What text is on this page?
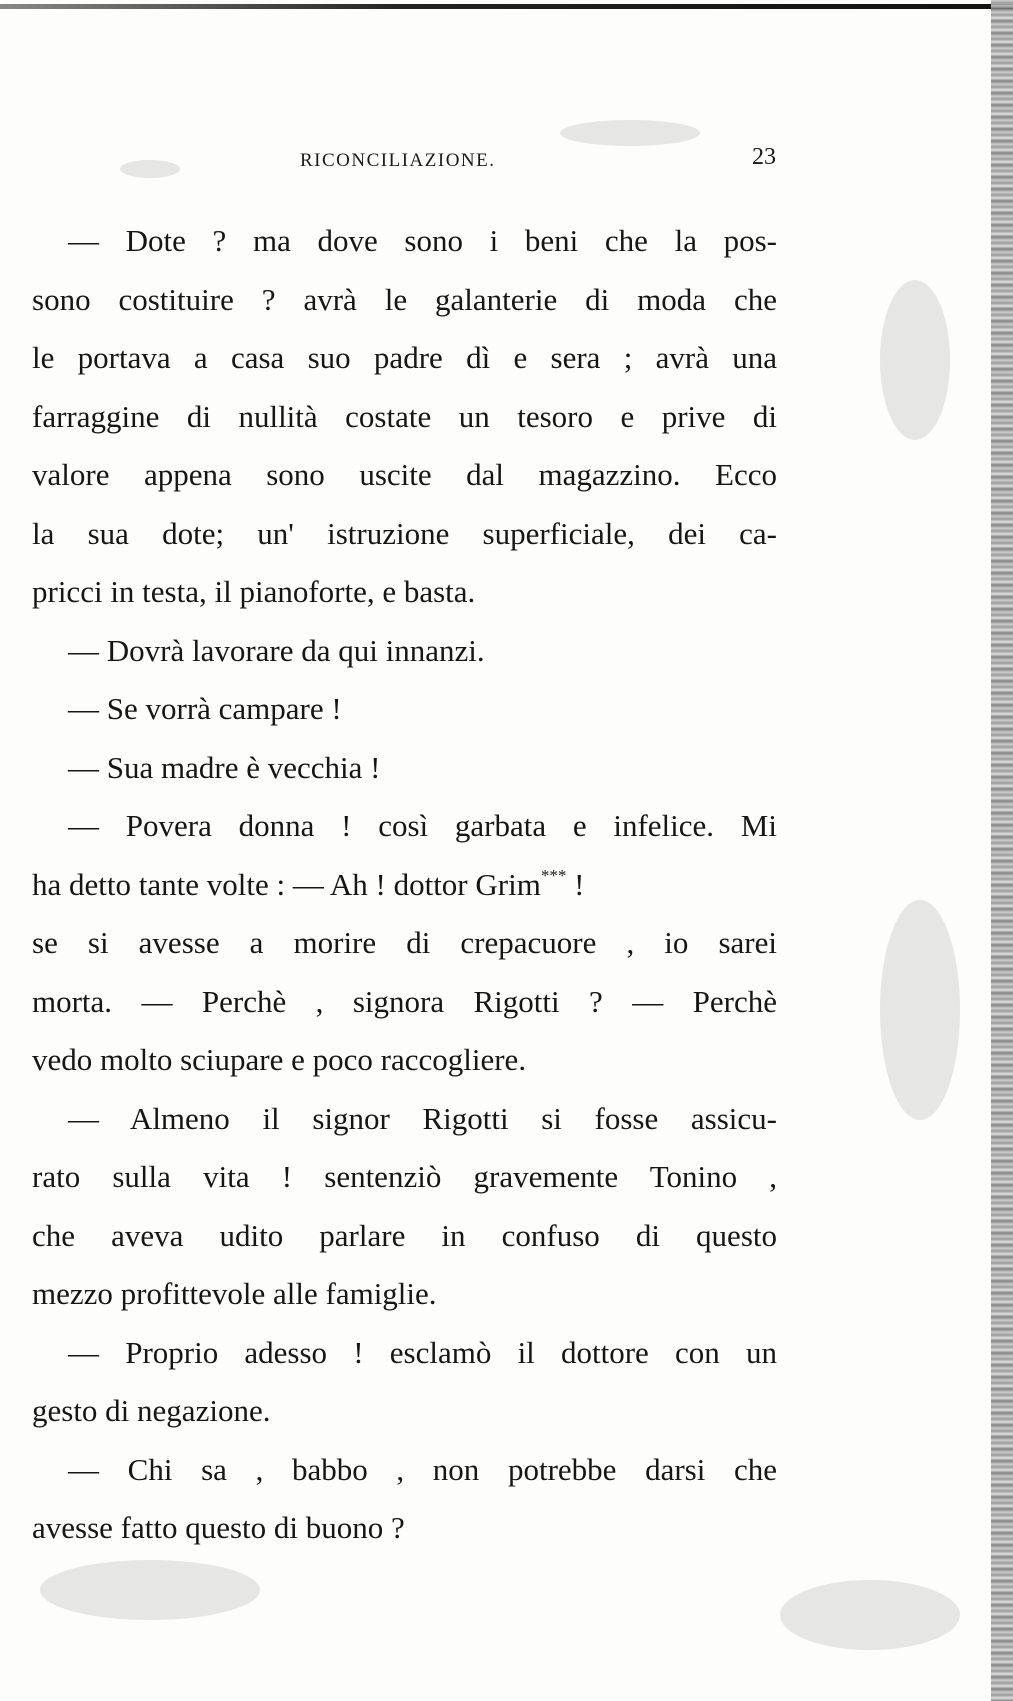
RICONCILIAZIONE.	23
— Dote ? ma dove sono i beni che la pos-
sono costituire ? avrà le galanterie di moda che
le portava a casa suo padre dì e sera ; avrà una
farraggine di nullità costate un tesoro e prive di
valore appena sono uscite dal magazzino. Ecco
la sua dote; un' istruzione superficiale, dei ca-
pricci in testa, il pianoforte, e basta.
— Dovrà lavorare da qui innanzi.
— Se vorrà campare !
— Sua madre è vecchia !
— Povera donna ! così garbata e infelice. Mi
ha detto tante volte : — Ah ! dottor Grim*** !
se si avesse a morire di crepacuore , io sarei
morta. — Perchè , signora Rigotti ? — Perchè
vedo molto sciupare e poco raccogliere.
— Almeno il signor Rigotti si fosse assicu-
rato sulla vita ! sentenziò gravemente Tonino ,
che aveva udito parlare in confuso di questo
mezzo profittevole alle famiglie.
— Proprio adesso ! esclamò il dottore con un
gesto di negazione.
— Chi sa , babbo , non potrebbe darsi che
avesse fatto questo di buono ?
